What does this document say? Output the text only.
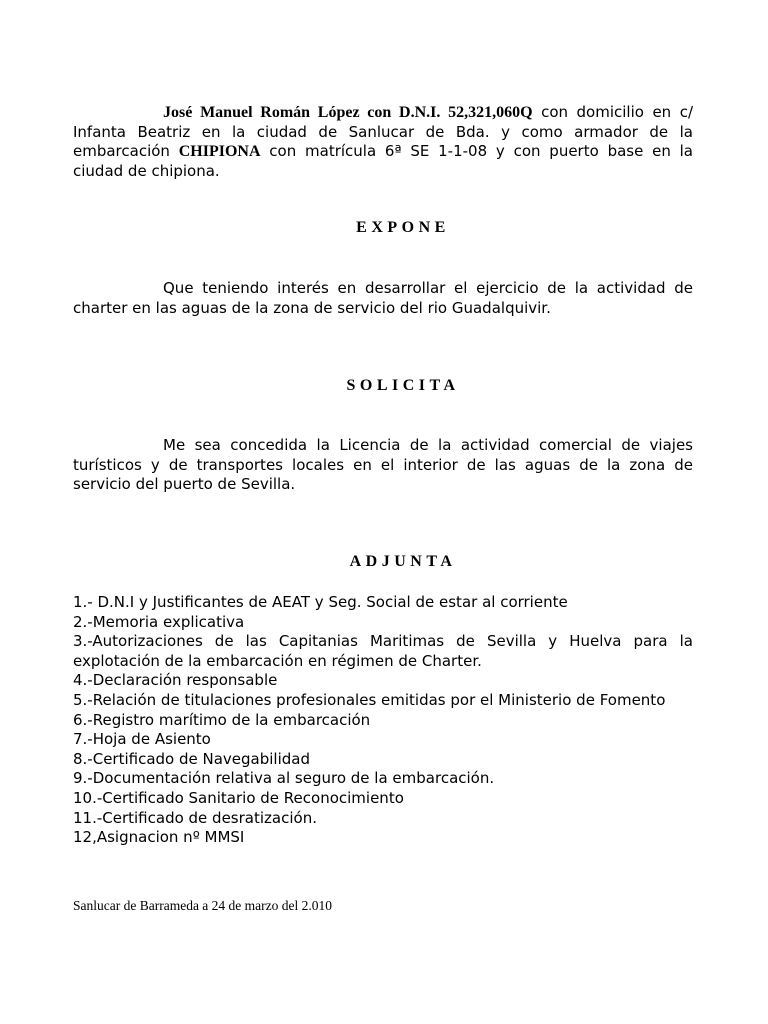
José Manuel Román López con D.N.I. 52,321,060Q con domicilio en c/ Infanta Beatriz en la ciudad de Sanlucar de Bda. y como armador de la embarcación CHIPIONA con matrícula 6ª SE 1-1-08 y con puerto base en la ciudad de chipiona.

EXPONE

Que teniendo interés en desarrollar el ejercicio de la actividad de charter en las aguas de la zona de servicio del rio Guadalquivir.

SOLICITA

Me sea concedida la Licencia de la actividad comercial de viajes turísticos y de transportes locales en el interior de las aguas de la zona de servicio del puerto de Sevilla.

ADJUNTA
1.- D.N.I y Justificantes de AEAT y Seg. Social de estar al corriente
2.-Memoria explicativa
3.-Autorizaciones de las Capitanias Maritimas de Sevilla y Huelva para la explotación de la embarcación en régimen de Charter.
4.-Declaración responsable
5.-Relación de titulaciones profesionales emitidas por el Ministerio de Fomento
6.-Registro marítimo de la embarcación
7.-Hoja de Asiento
8.-Certificado de Navegabilidad
9.-Documentación relativa al seguro de la embarcación.
10.-Certificado Sanitario de Reconocimiento
11.-Certificado de desratización.
12,Asignacion nº MMSI

Sanlucar de Barrameda a 24 de marzo del 2.010
